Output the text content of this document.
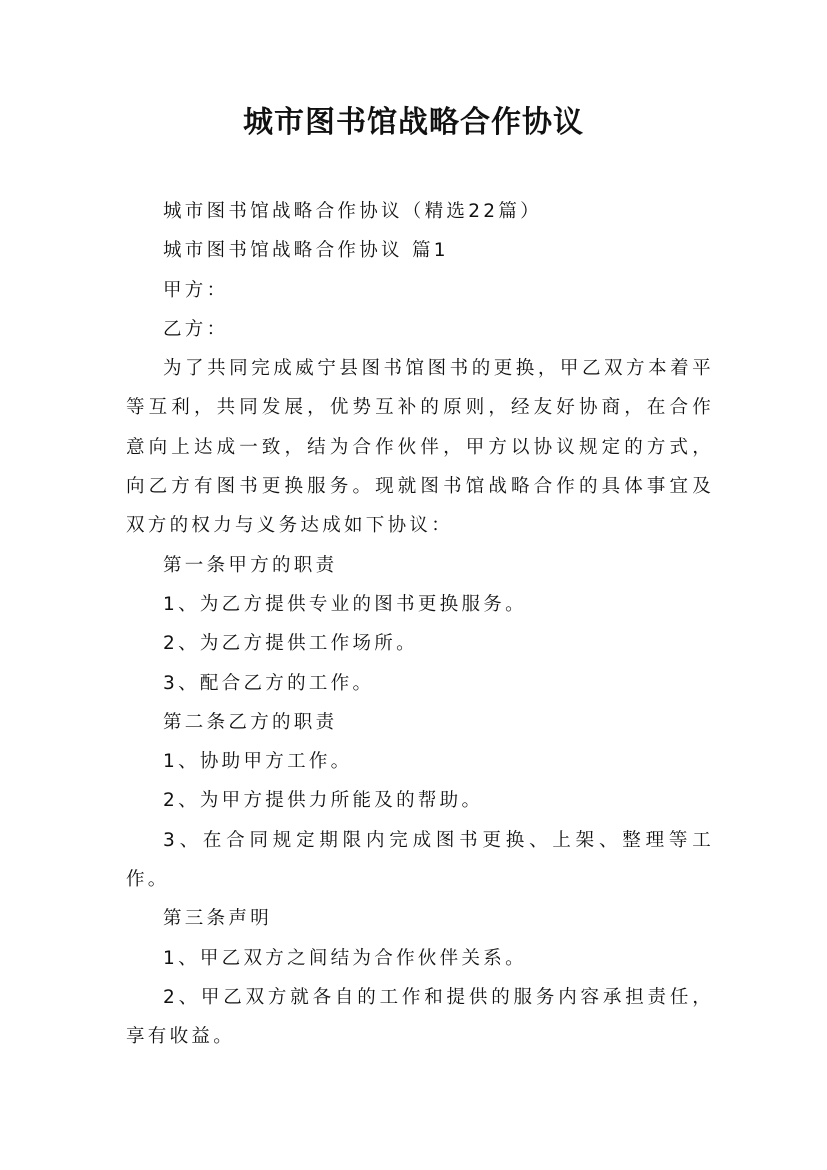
城市图书馆战略合作协议

城市图书馆战略合作协议（精选22篇）

城市图书馆战略合作协议 篇1

甲方：

乙方：

为了共同完成威宁县图书馆图书的更换，甲乙双方本着平等互利，共同发展，优势互补的原则，经友好协商，在合作意向上达成一致，结为合作伙伴，甲方以协议规定的方式，向乙方有图书更换服务。现就图书馆战略合作的具体事宜及双方的权力与义务达成如下协议：

第一条甲方的职责

1、为乙方提供专业的图书更换服务。

2、为乙方提供工作场所。

3、配合乙方的工作。

第二条乙方的职责

1、协助甲方工作。

2、为甲方提供力所能及的帮助。

3、在合同规定期限内完成图书更换、上架、整理等工作。

第三条声明

1、甲乙双方之间结为合作伙伴关系。

2、甲乙双方就各自的工作和提供的服务内容承担责任，享有收益。
